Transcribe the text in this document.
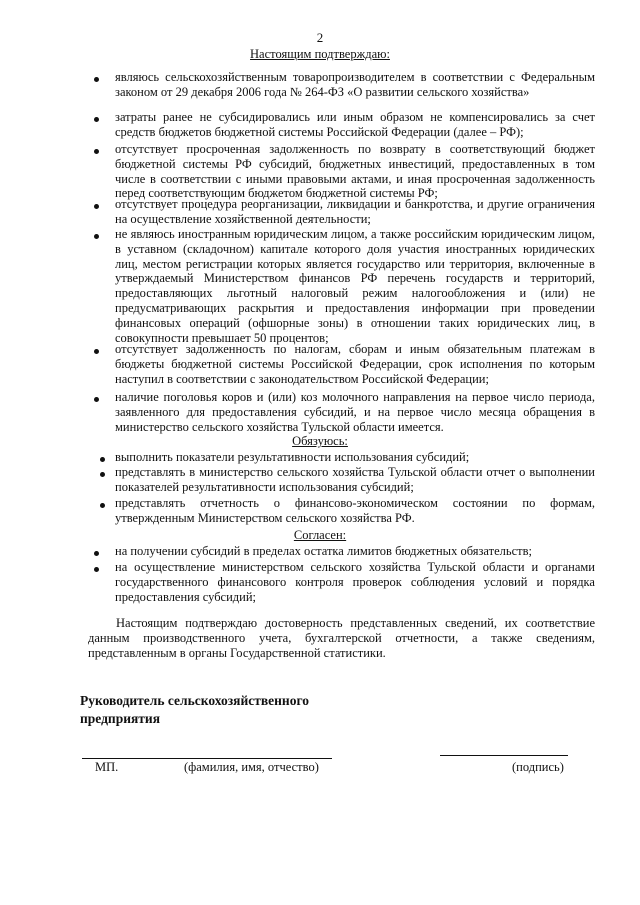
2
Настоящим подтверждаю:
являюсь сельскохозяйственным товаропроизводителем в соответствии с Федеральным законом от 29 декабря 2006 года № 264-ФЗ «О развитии сельского хозяйства»
затраты ранее не субсидировались или иным образом не компенсировались за счет средств бюджетов бюджетной системы Российской Федерации (далее – РФ);
отсутствует просроченная задолженность по возврату в соответствующий бюджет бюджетной системы РФ субсидий, бюджетных инвестиций, предоставленных в том числе в соответствии с иными правовыми актами, и иная просроченная задолженность перед соответствующим бюджетом бюджетной системы РФ;
отсутствует процедура реорганизации, ликвидации и банкротства, и другие ограничения на осуществление хозяйственной деятельности;
не являюсь иностранным юридическим лицом, а также российским юридическим лицом, в уставном (складочном) капитале которого доля участия иностранных юридических лиц, местом регистрации которых является государство или территория, включенные в утверждаемый Министерством финансов РФ перечень государств и территорий, предоставляющих льготный налоговый режим налогообложения и (или) не предусматривающих раскрытия и предоставления информации при проведении финансовых операций (офшорные зоны) в отношении таких юридических лиц, в совокупности превышает 50 процентов;
отсутствует задолженность по налогам, сборам и иным обязательным платежам в бюджеты бюджетной системы Российской Федерации, срок исполнения по которым наступил в соответствии с законодательством Российской Федерации;
наличие поголовья коров и (или) коз молочного направления на первое число периода, заявленного для предоставления субсидий, и на первое число месяца обращения в министерство сельского хозяйства Тульской области имеется.
Обязуюсь:
выполнить показатели результативности использования субсидий;
представлять в министерство сельского хозяйства Тульской области отчет о выполнении показателей результативности использования субсидий;
представлять отчетность о финансово-экономическом состоянии по формам, утвержденным Министерством сельского хозяйства РФ.
Согласен:
на получении субсидий в пределах остатка лимитов бюджетных обязательств;
на осуществление министерством сельского хозяйства Тульской области и органами государственного финансового контроля проверок соблюдения условий и порядка предоставления субсидий;
Настоящим подтверждаю достоверность представленных сведений, их соответствие данным производственного учета, бухгалтерской отчетности, а также сведениям, представленным в органы Государственной статистики.
Руководитель сельскохозяйственного
предприятия
МП.	(фамилия, имя, отчество)	(подпись)
